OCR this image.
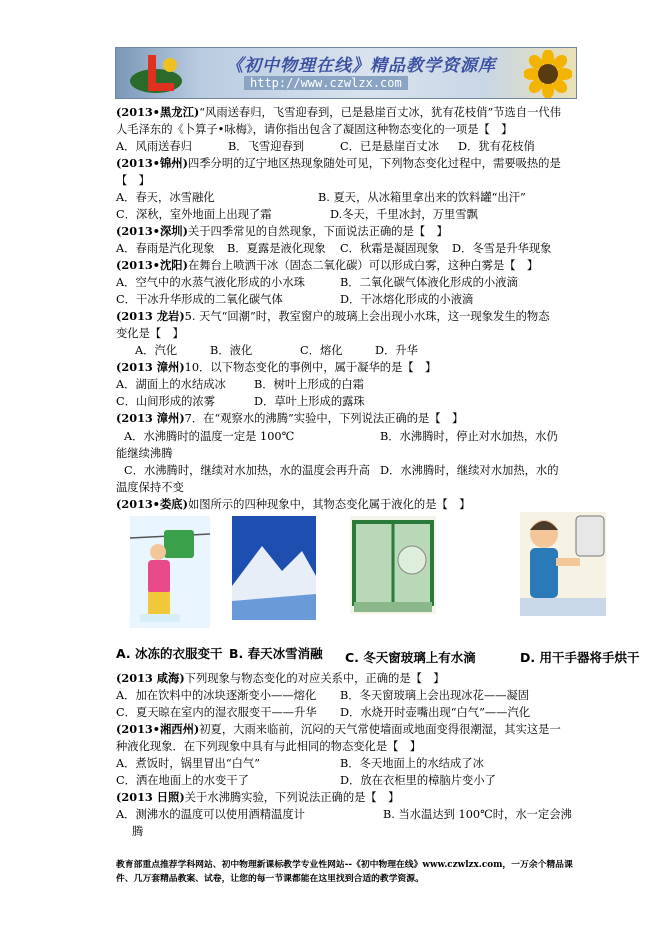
《初中物理在线》精品教学资源库
http://www.czwlzx.com
(2013•黑龙江)“风雨送春归，飞雪迎春到，已是悬崖百丈冰，犹有花枝俏”节选自一代伟
人毛泽东的《卜算子•咏梅》，请你指出包含了凝固这种物态变化的一项是【　】
A．风雨送春归	B．飞雪迎春到	C．已是悬崖百丈冰 D．犹有花枝俏
(2013•锦州)四季分明的辽宁地区热现象随处可见，下列物态变化过程中，需要吸热的是
【　】
A．春天，冰雪融化	B. 夏天，从冰箱里拿出来的饮料罐“出汗”
C．深秋，室外地面上出现了霜	D.冬天，千里冰封，万里雪飘
(2013•深圳)关于四季常见的自然现象，下面说法正确的是【　】
A．春雨是汽化现象 B．夏露是液化现象 C．秋霜是凝固现象 D．冬雪是升华现象
(2013•沈阳)在舞台上喷洒干冰（固态二氧化碳）可以形成白雾，这种白雾是【　】
A．空气中的水蒸气液化形成的小水珠	B．二氧化碳气体液化形成的小液滴
C．干冰升华形成的二氧化碳气体	D．干冰熔化形成的小液滴
(2013 龙岩)5. 天气“回潮”时，教室窗户的玻璃上会出现小水珠，这一现象发生的物态
变化是【　】
A．汽化	B．液化	C．熔化	D．升华
(2013 漳州)10．以下物态变化的事例中，属于凝华的是【　】
A．湖面上的水结成冰 B．树叶上形成的白霜
C．山间形成的浓雾	D．草叶上形成的露珠
(2013 漳州)7．在“观察水的沸腾”实验中，下列说法正确的是【　】
A．水沸腾时的温度一定是 100℃	B．水沸腾时，停止对水加热，水仍
能继续沸腾
C．水沸腾时，继续对水加热，水的温度会再升高 D．水沸腾时，继续对水加热，水的
温度保持不变
(2013•娄底)如图所示的四种现象中，其物态变化属于液化的是【　】
A. 冰冻的衣服变干 B. 春天冰雪消融 C. 冬天窗玻璃上有水滴	D. 用干手器将手烘干
(2013 咸海)下列现象与物态变化的对应关系中，正确的是【　】
A．加在饮料中的冰块逐渐变小——熔化 B．冬天窗玻璃上会出现冰花——凝固
C．夏天晾在室内的湿衣服变干——升华 D．水烧开时壶嘴出现“白气”——汽化
(2013•湘西州)初夏，大雨来临前，沉闷的天气常使墙面或地面变得很潮湿，其实这是一
种液化现象．在下列现象中具有与此相同的物态变化是【　】
A．煮饭时，锅里冒出“白气”	B．冬天地面上的水结成了冰
C．洒在地面上的水变干了	D．放在衣柜里的樟脑片变小了
(2013 日照)关于水沸腾实验，下列说法正确的是【　】
A．测沸水的温度可以使用酒精温度计	B. 当水温达到 100℃时，水一定会沸
腾
教育部重点推荐学科网站、初中物理新课标教学专业性网站--《初中物理在线》www.czwlzx.com，一万余个精品课件、几万套精品教案、试卷，让您的每一节课都能在这里找到合适的教学资源。
